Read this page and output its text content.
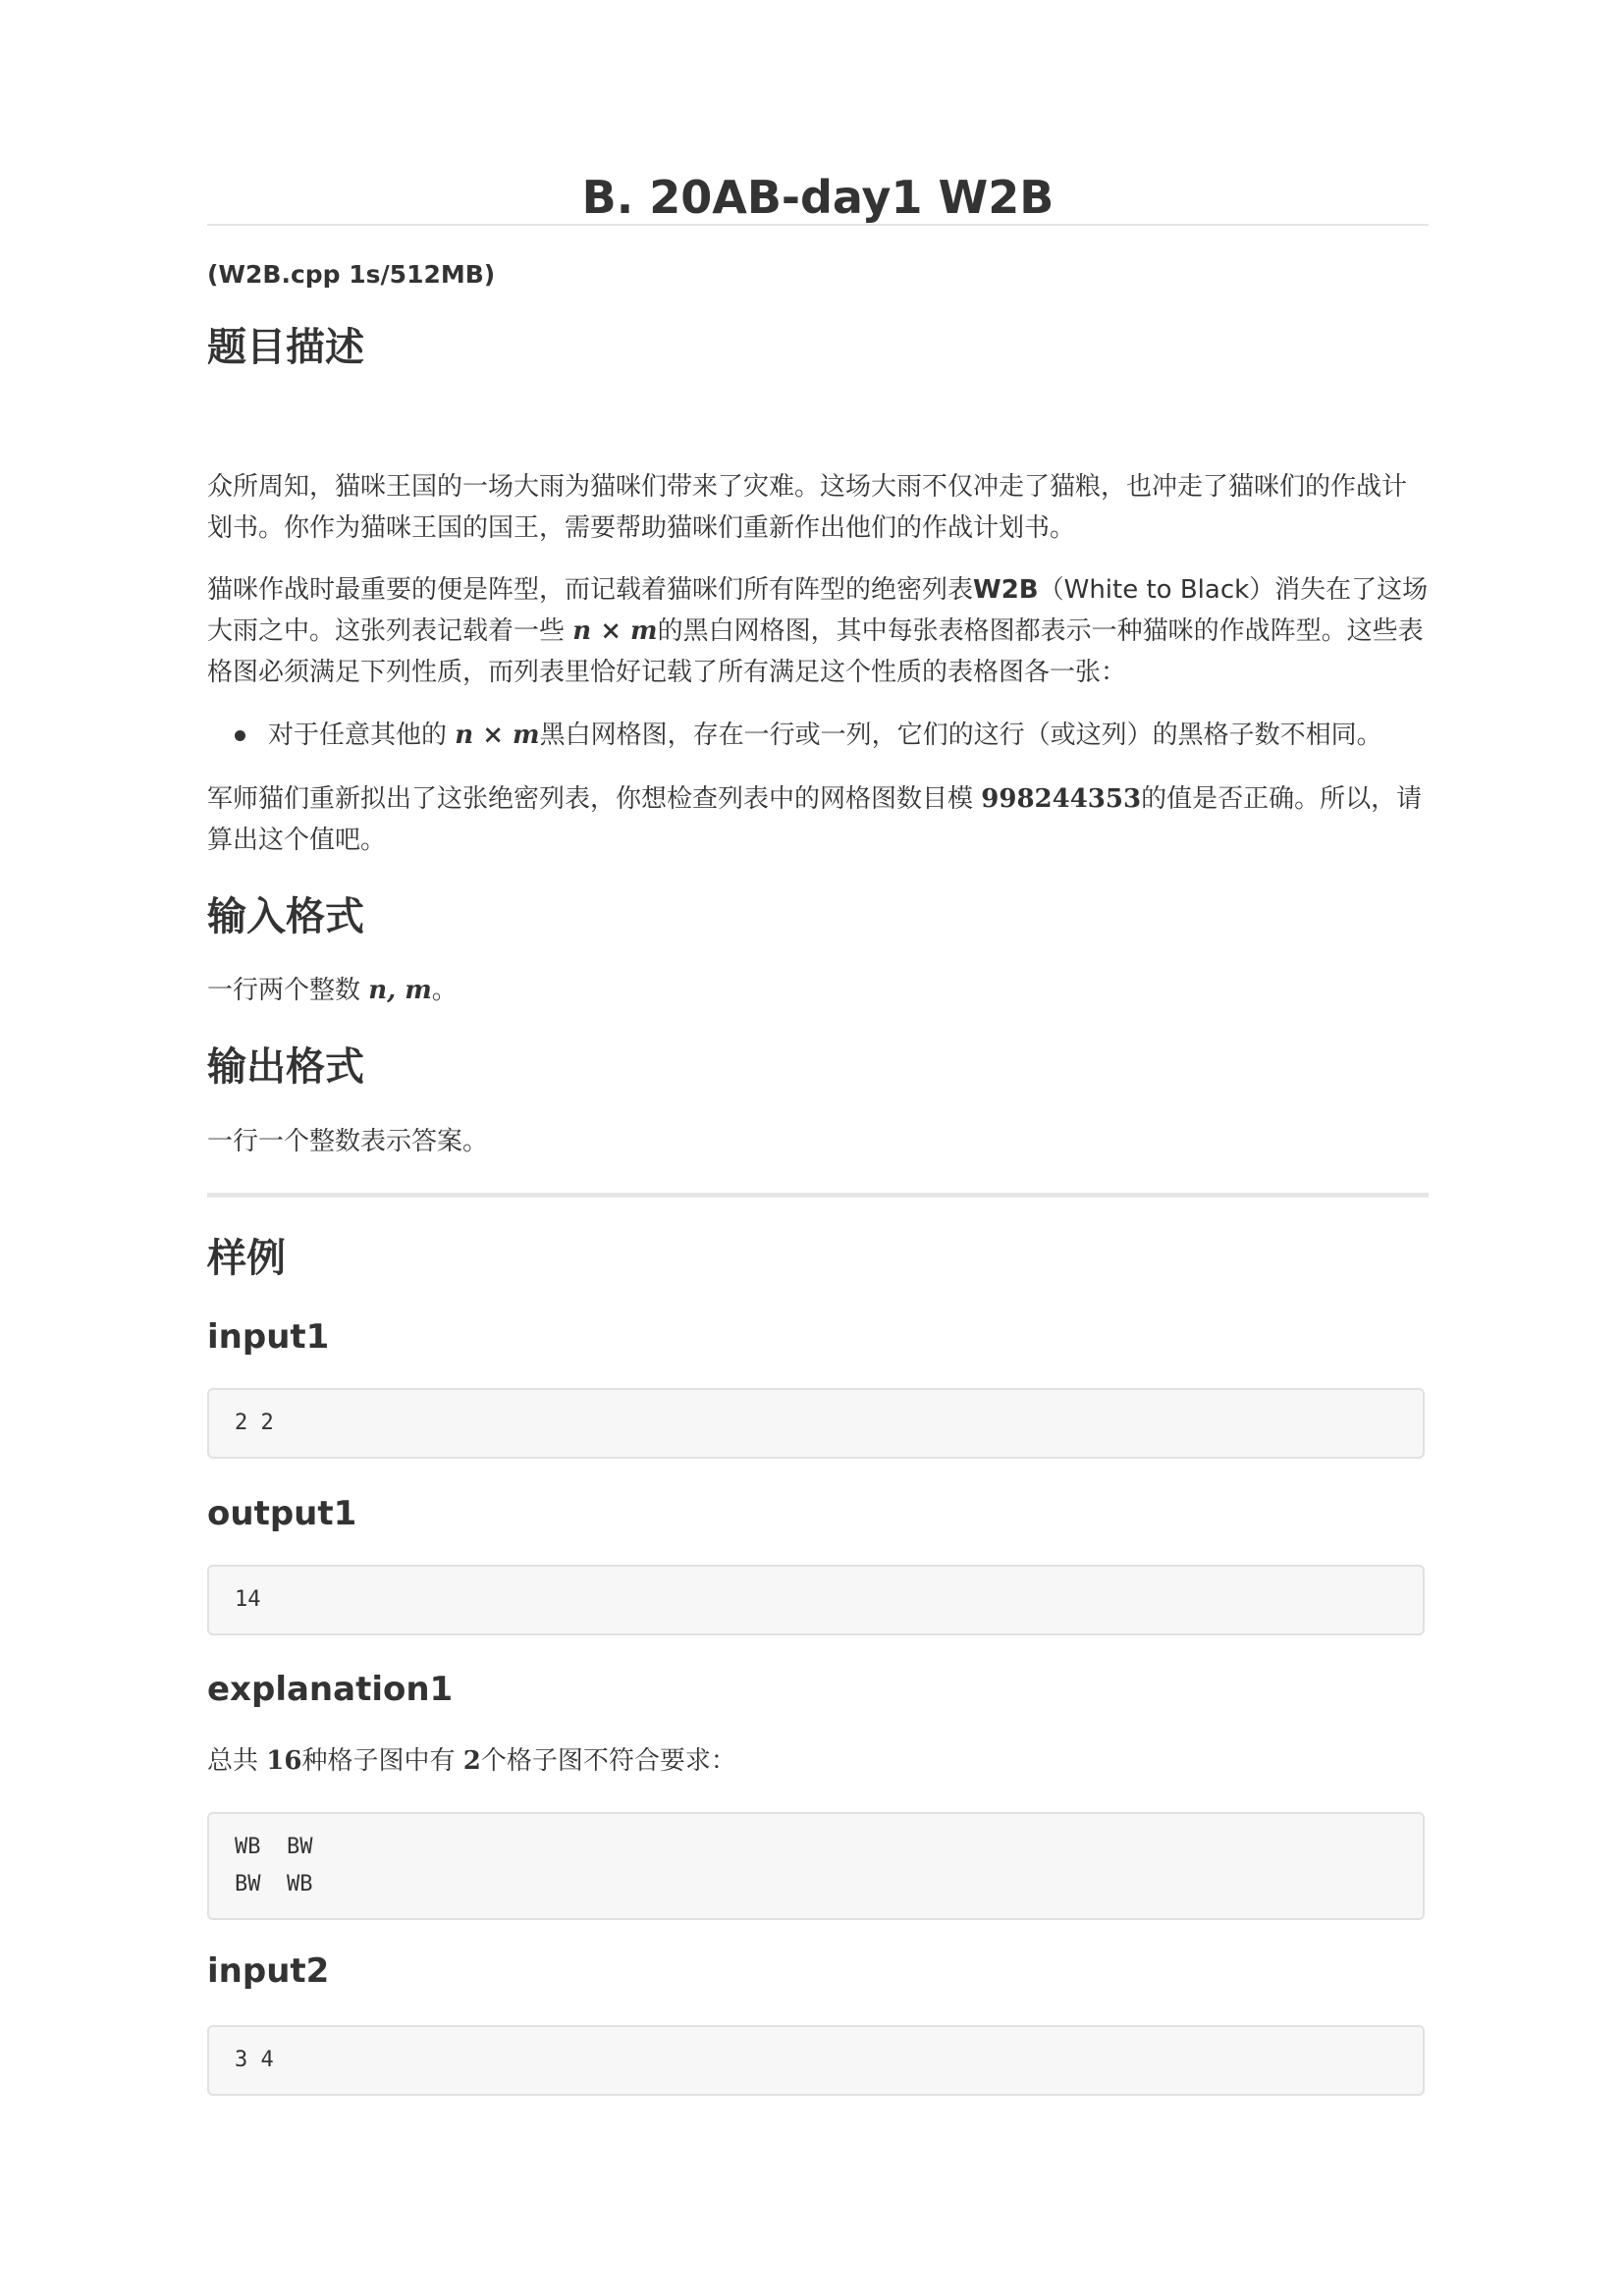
B. 20AB-day1 W2B
(W2B.cpp 1s/512MB)
题目描述

众所周知，猫咪王国的一场大雨为猫咪们带来了灾难。这场大雨不仅冲走了猫粮，也冲走了猫咪们的作战计划书。你作为猫咪王国的国王，需要帮助猫咪们重新作出他们的作战计划书。

猫咪作战时最重要的便是阵型，而记载着猫咪们所有阵型的绝密列表W2B（White to Black）消失在了这场大雨之中。这张列表记载着一些 n × m的黑白网格图，其中每张表格图都表示一种猫咪的作战阵型。这些表格图必须满足下列性质，而列表里恰好记载了所有满足这个性质的表格图各一张：

对于任意其他的 n × m黑白网格图，存在一行或一列，它们的这行（或这列）的黑格子数不相同。

军师猫们重新拟出了这张绝密列表，你想检查列表中的网格图数目模 998244353的值是否正确。所以，请算出这个值吧。

输入格式

一行两个整数 n, m。

输出格式

一行一个整数表示答案。

样例
input1
2 2
output1
14
explanation1

总共 16种格子图中有 2个格子图不符合要求：

WB  BW
BW  WB
input2
3 4
